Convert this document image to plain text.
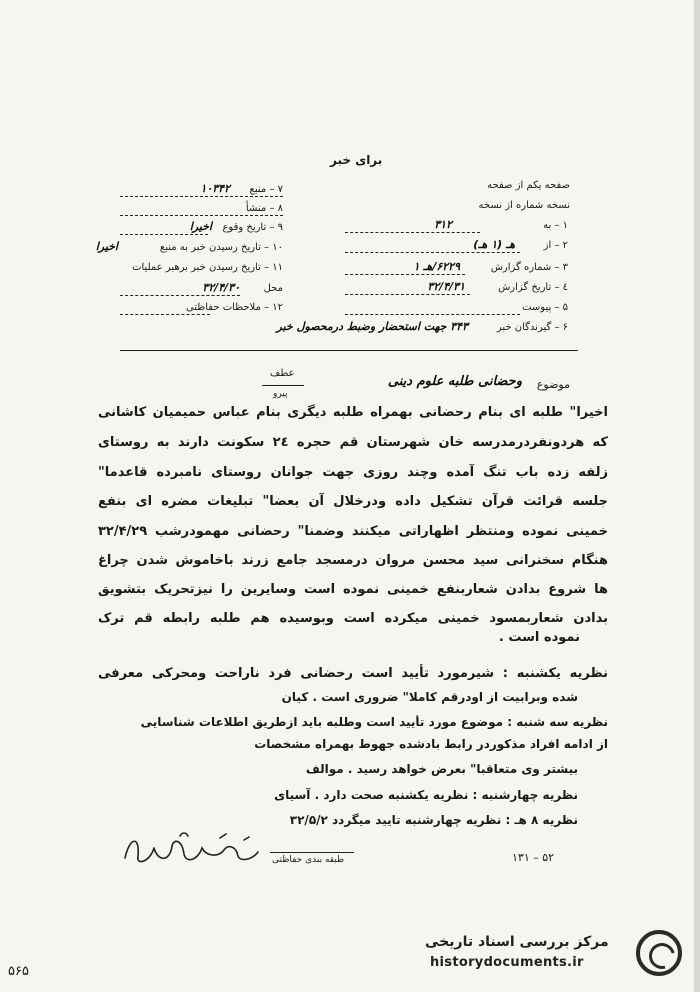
برای خبر
صفحه یکم از صفحه
نسخه شماره از نسخه
۱ – به
۳۱۲
۲ – از
هـ (۱ هـ)
۳ – شماره گزارش
۶۲۲۹/هـ ۱
٤ – تاریخ گزارش
۳۲/۴/۳۱
۵ – پیوست
۶ – گیرندگان خبر
۳۴۳ جهت استحضار وضبط درمحصول خبر
۷ – منبع
۱۰۳۴۲
۸ – منشأ
۹ – تاریخ وقوع
اخیرا
۱۰ – تاریخ رسیدن خبر به منبع
اخیرا
۱۱ – تاریخ رسیدن خبر برهبر عملیات
محل
۳۲/۴/۳۰
۱۲ – ملاحظات حفاظتی
عطف
پیرو
موضوع
وحضانی طلبه علوم دینی
اخیرا" طلبه ای بنام رحضانی بهمراه طلبه دیگری بنام عباس حمیمیان کاشانی
که هردونفردرمدرسه خان شهرستان قم حجره ۲٤ سکونت دارند به روستای
زلفه زده باب تنگ آمده وچند روزی جهت جوانان روستای نامبرده قاعدما"
جلسه قرائت قرآن تشکیل داده ودرخلال آن بعضا" تبلیغات مضره ای بنفع
خمینی نموده ومنتظر اظهاراتی میکنند وضمنا" رحضانی مهمودرشب ۳۲/۴/۲۹
هنگام سخنرانی سید محسن مروان درمسجد جامع زرند باخاموش شدن چراغ
ها شروع بدادن شعاربنفع خمینی نموده است وسایرین را نیزتحریک بتشویق
بدادن شعاربمسود خمینی میکرده است وبوسیده هم طلبه رابطه قم ترک
نموده است .
نظریه یکشنبه : شیرمورد تأیید است رحضانی فرد ناراحت ومحرکی معرفی
شده وبرابیت از اودرقم کاملا" ضروری است . کیان
نظریه سه شنبه : موضوع مورد تأیید است وطلبه باید ازطریق اطلاعات شناسایی
از ادامه افراد مذکوردر رابط بادشده جهوط بهمراه مشخصات
بیشتر وی متعاقبا" بعرض خواهد رسید . موالف
نظریه چهارشنبه : نظریه یکشنبه صحت دارد . آسیای
نظریه ۸ هـ : نظریه چهارشنبه تایید میگردد ۳۲/۵/۲
طبقه بندی حفاظتی	۱۳۱ – ۵۲
۵۶۵
مرکز بررسی اسناد تاریخی
historydocuments.ir
